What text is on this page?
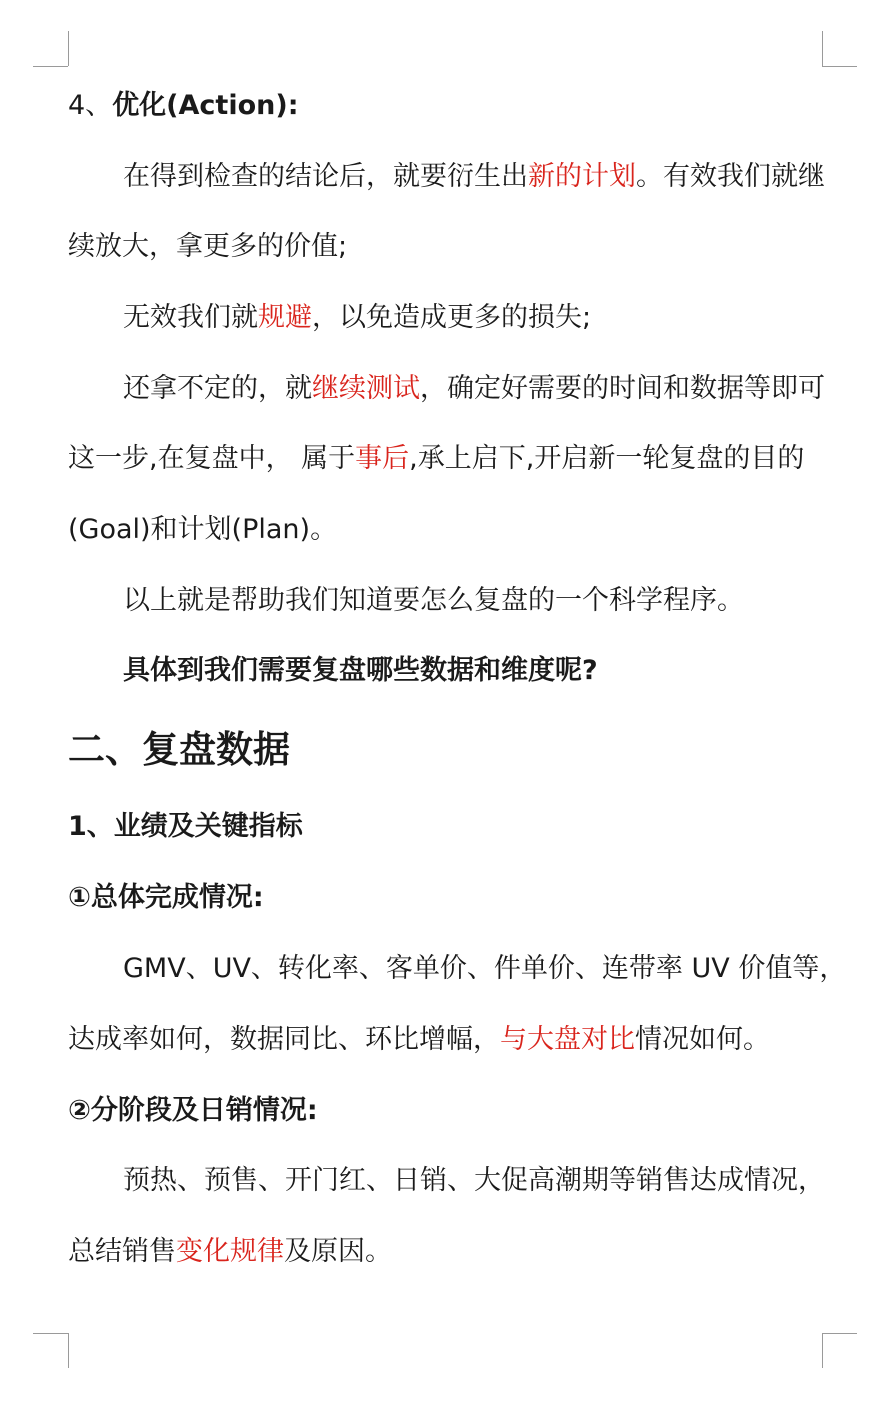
4、优化(Action):
在得到检查的结论后，就要衍生出新的计划。有效我们就继
续放大，拿更多的价值;
无效我们就规避，以免造成更多的损失;
还拿不定的，就继续测试，确定好需要的时间和数据等即可
这一步,在复盘中， 属于事后,承上启下,开启新一轮复盘的目的
(Goal)和计划(Plan)。
以上就是帮助我们知道要怎么复盘的一个科学程序。
具体到我们需要复盘哪些数据和维度呢?
二、复盘数据
1、业绩及关键指标
①总体完成情况:
GMV、UV、转化率、客单价、件单价、连带率 UV 价值等，
达成率如何，数据同比、环比增幅，与大盘对比情况如何。
②分阶段及日销情况:
预热、预售、开门红、日销、大促高潮期等销售达成情况，
总结销售变化规律及原因。
